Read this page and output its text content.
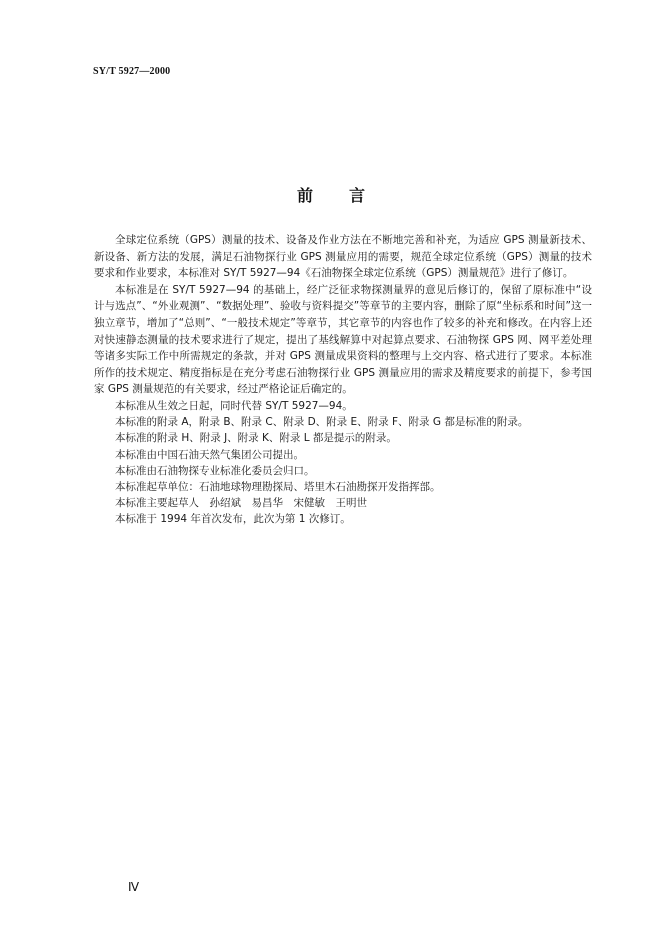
SY/T 5927—2000
前言

全球定位系统（GPS）测量的技术、设备及作业方法在不断地完善和补充，为适应 GPS 测量新技术、新设备、新方法的发展，满足石油物探行业 GPS 测量应用的需要，规范全球定位系统（GPS）测量的技术要求和作业要求，本标准对 SY/T 5927—94《石油物探全球定位系统（GPS）测量规范》进行了修订。

本标准是在 SY/T 5927—94 的基础上，经广泛征求物探测量界的意见后修订的，保留了原标准中“设计与选点”、“外业观测”、“数据处理”、验收与资料提交”等章节的主要内容，删除了原“坐标系和时间”这一独立章节，增加了“总则”、“一般技术规定”等章节，其它章节的内容也作了较多的补充和修改。在内容上还对快速静态测量的技术要求进行了规定，提出了基线解算中对起算点要求、石油物探 GPS 网、网平差处理等诸多实际工作中所需规定的条款，并对 GPS 测量成果资料的整理与上交内容、格式进行了要求。本标准所作的技术规定、精度指标是在充分考虑石油物探行业 GPS 测量应用的需求及精度要求的前提下，参考国家 GPS 测量规范的有关要求，经过严格论证后确定的。

本标准从生效之日起，同时代替 SY/T 5927—94。

本标准的附录 A，附录 B、附录 C、附录 D、附录 E、附录 F、附录 G 都是标准的附录。

本标准的附录 H、附录 J、附录 K、附录 L 都是提示的附录。

本标准由中国石油天然气集团公司提出。

本标准由石油物探专业标准化委员会归口。

本标准起草单位：石油地球物理勘探局、塔里木石油勘探开发指挥部。

本标准主要起草人　孙绍斌　易昌华　宋健敏　王明世

本标准于 1994 年首次发布，此次为第 1 次修订。

Ⅳ
